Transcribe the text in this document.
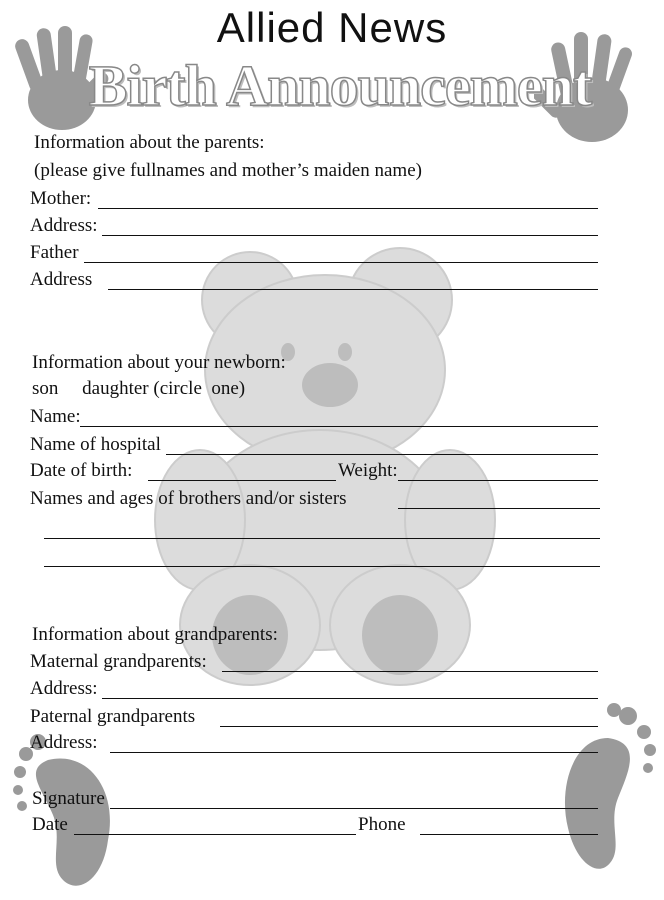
Allied News
Birth Announcement
Information about the parents:
(please give fullnames and mother’s maiden name)
Mother:
Address:
Father
Address
Information about your newborn:
son     daughter (circle  one)
Name:
Name of hospital
Date of birth:	Weight:
Names and ages of brothers and/or sisters
Information about grandparents:
Maternal grandparents:
Address:
Paternal grandparents
Address:
Signature
Date	Phone
